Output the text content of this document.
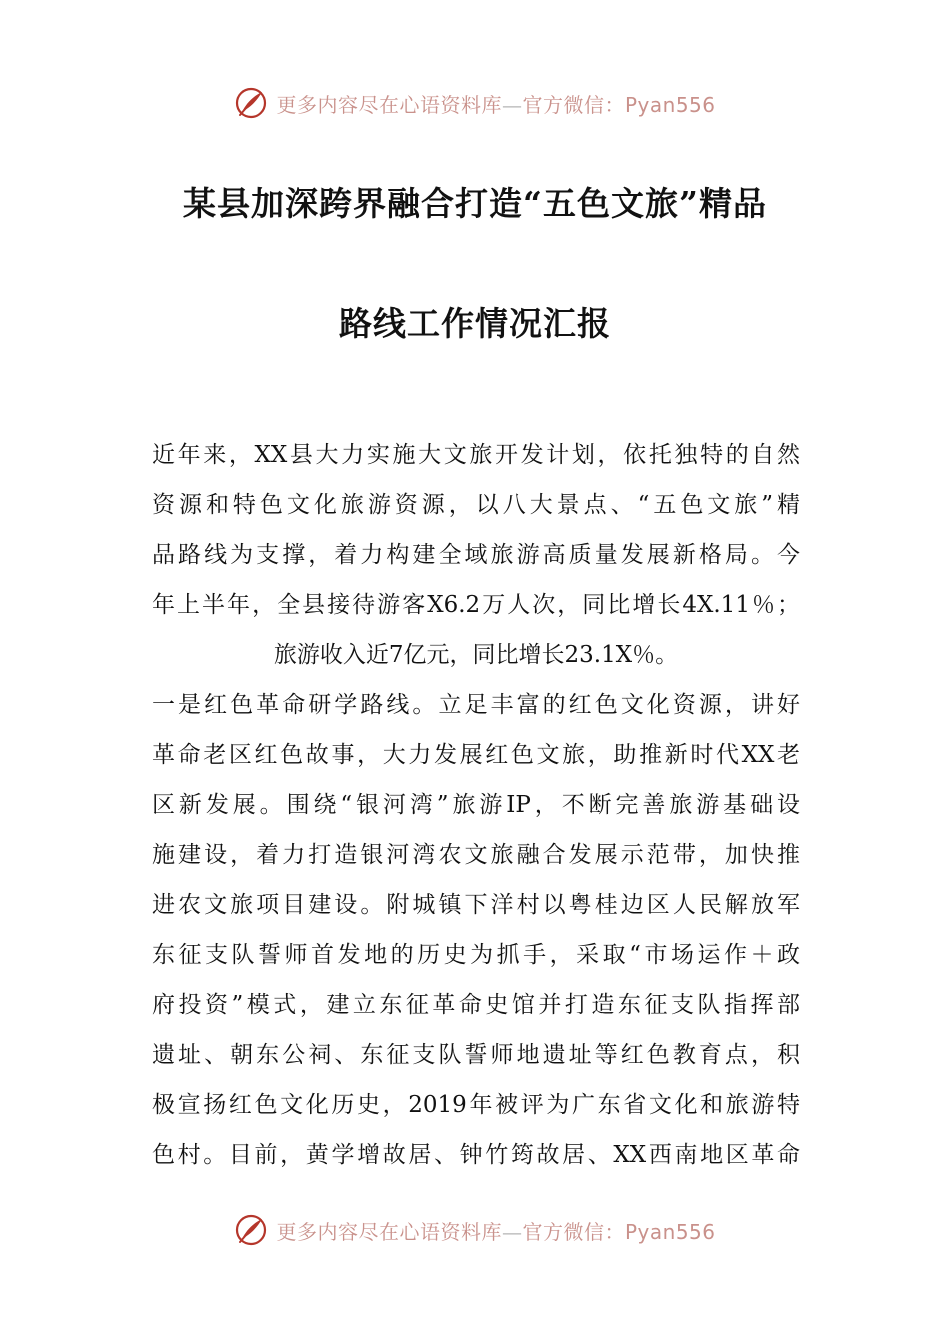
更多内容尽在心语资料库—官方微信：Pyan556
某县加深跨界融合打造“五色文旅”精品
路线工作情况汇报
近年来，XX县大力实施大文旅开发计划，依托独特的自然
资源和特色文化旅游资源，以八大景点、“五色文旅”精
品路线为支撑，着力构建全域旅游高质量发展新格局。今
年上半年，全县接待游客X6.2万人次，同比增长4X.11％；
旅游收入近7亿元，同比增长23.1X％。
一是红色革命研学路线。立足丰富的红色文化资源，讲好
革命老区红色故事，大力发展红色文旅，助推新时代XX老
区新发展。围绕“银河湾”旅游IP，不断完善旅游基础设
施建设，着力打造银河湾农文旅融合发展示范带，加快推
进农文旅项目建设。附城镇下洋村以粤桂边区人民解放军
东征支队誓师首发地的历史为抓手，采取“市场运作＋政
府投资”模式，建立东征革命史馆并打造东征支队指挥部
遗址、朝东公祠、东征支队誓师地遗址等红色教育点，积
极宣扬红色文化历史，2019年被评为广东省文化和旅游特
色村。目前，黄学增故居、钟竹筠故居、XX西南地区革命
更多内容尽在心语资料库—官方微信：Pyan556
